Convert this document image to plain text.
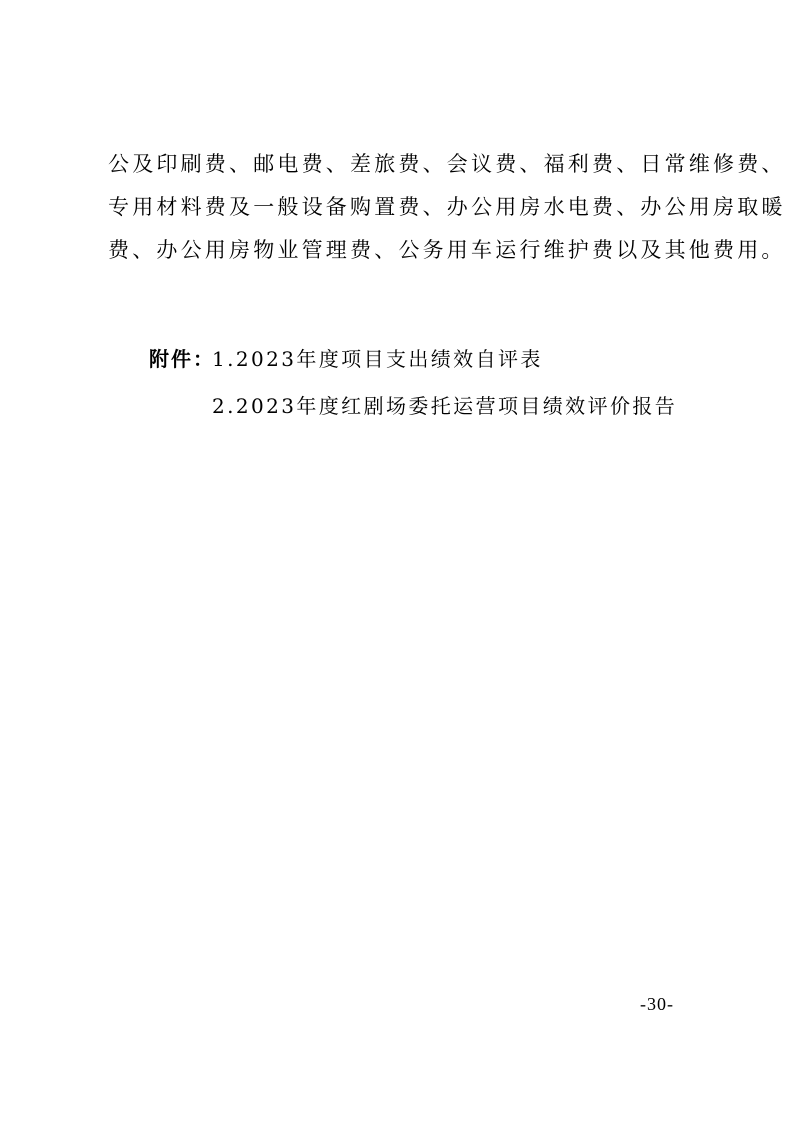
公及印刷费、邮电费、差旅费、会议费、福利费、日常维修费、
专用材料费及一般设备购置费、办公用房水电费、办公用房取暖
费、办公用房物业管理费、公务用车运行维护费以及其他费用。
附件：
1.2023年度项目支出绩效自评表
2.2023年度红剧场委托运营项目绩效评价报告
-30-
